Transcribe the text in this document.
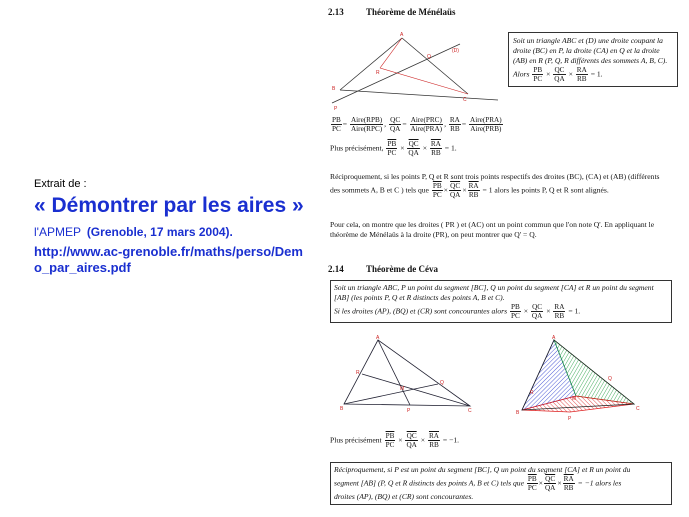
Extrait de :
« Démontrer par les aires » l'APMEP (Grenoble, 17 mars 2004).
http://www.ac-grenoble.fr/maths/perso/Demo_par_aires.pdf
2.13 Théorème de Ménélaüs
A
B
C
P
Q
R
(D)
Soit un triangle ABC et (D) une droite coupant la droite (BC) en P, la droite (CA) en Q et la droite (AB) en R (P, Q, R différents des sommets A, B, C).
Alors $\frac{PB}{PC} \times \frac{QC}{QA} \times \frac{RA}{RB} = 1$.
$\frac{PB}{PC} = \frac{\text{Aire(RPB)}}{\text{Aire(RPC)}}$ , $\frac{QC}{QA} = \frac{\text{Aire(PRC)}}{\text{Aire(PRA)}}$ , $\frac{RA}{RB} = \frac{\text{Aire(PRA)}}{\text{Aire(PRB)}}$
Plus précisément, $\frac{\overline{PB}}{PC} \times \frac{\overline{QC}}{QA} \times \frac{\overline{RA}}{RB} = 1$.
Réciproquement, si les points P, Q et R sont trois points respectifs des droites (BC), (CA) et (AB) (différents des sommets A, B et C ) tels que $\frac{\overline{PB}}{PC} \times \frac{\overline{QC}}{QA} \times \frac{\overline{RA}}{RB} = 1$ alors les points P, Q et R sont alignés.
Pour cela, on montre que les droites ( PR ) et (AC) ont un point commun que l'on note Q'. En appliquant le théorème de Ménélaüs à la droite (PR), on peut montrer que Q' = Q.
2.14 Théorème de Céva
Soit un triangle ABC, P un point du segment [BC], Q un point du segment [CA] et R un point du segment [AB] (les points P, Q et R distincts des points A, B et C).
Si les droites (AP), (BQ) et (CR) sont concourantes alors $\frac{PB}{PC} \times \frac{QC}{QA} \times \frac{RA}{RB} = 1$.
A
B	C
P
Q
R
M
A
B
C
P
Q
R
M
Plus précisément $\frac{\overline{PB}}{PC} \times \frac{\overline{QC}}{QA} \times \frac{\overline{RA}}{RB} = -1$.
Réciproquement, si P est un point du segment [BC], Q un point du segment [CA] et R un point du
segment [AB] (P, Q et R distincts des points A, B et C) tels que $\frac{\overline{PB}}{PC} \times \frac{\overline{QC}}{QA} \times \frac{\overline{RA}}{RB} = -1$ alors les
droites (AP), (BQ) et (CR) sont concourantes.
